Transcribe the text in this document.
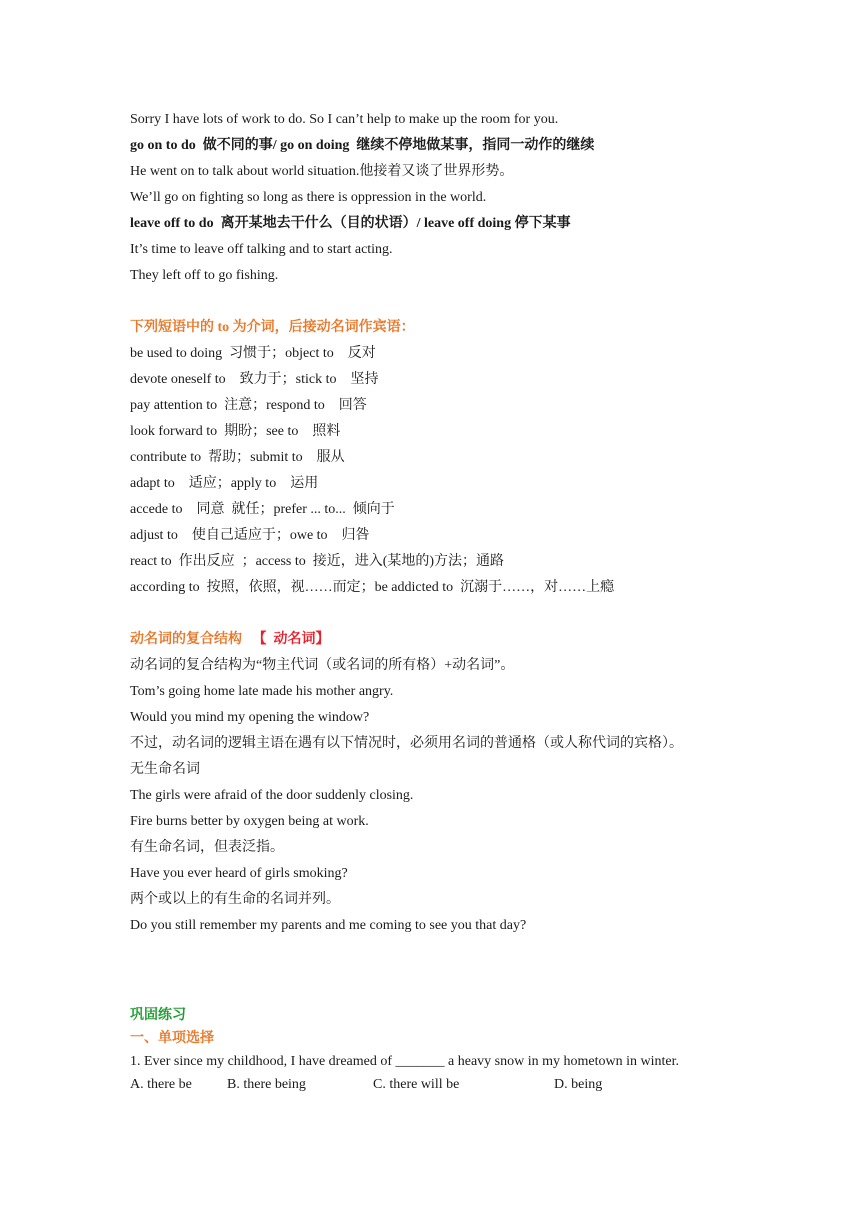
Sorry I have lots of work to do. So I can’t help to make up the room for you.
go on to do  做不同的事/ go on doing  继续不停地做某事，指同一动作的继续
He went on to talk about world situation.他接着又谈了世界形势。
We’ll go on fighting so long as there is oppression in the world.
leave off to do  离开某地去干什么（目的状语）/ leave off doing 停下某事
It’s time to leave off talking and to start acting.
They left off to go fishing.
下列短语中的 to 为介词，后接动名词作宾语：
be used to doing  习惯于；object to    反对
devote oneself to    致力于；stick to    坚持
pay attention to  注意；respond to    回答
look forward to  期盼；see to    照料
contribute to  帮助；submit to    服从
adapt to    适应；apply to    运用
accede to    同意  就任；prefer ... to...  倾向于
adjust to    使自己适应于；owe to    归咎
react to  作出反应  ；access to  接近，进入(某地的)方法；通路
according to  按照，依照，视……而定；be addicted to  沉溺于……，对……上瘾
动名词的复合结构 【  动名词】
动名词的复合结构为“物主代词（或名词的所有格）+动名词”。
Tom’s going home late made his mother angry.
Would you mind my opening the window?
不过，动名词的逻辑主语在遇有以下情况时，必须用名词的普通格（或人称代词的宾格）。
无生命名词
The girls were afraid of the door suddenly closing.
Fire burns better by oxygen being at work.
有生命名词，但表泛指。
Have you ever heard of girls smoking?
两个或以上的有生命的名词并列。
Do you still remember my parents and me coming to see you that day?
巩固练习
一、单项选择
1. Ever since my childhood, I have dreamed of _______ a heavy snow in my hometown in winter.
A. there be	B. there being	C. there will be	D. being
